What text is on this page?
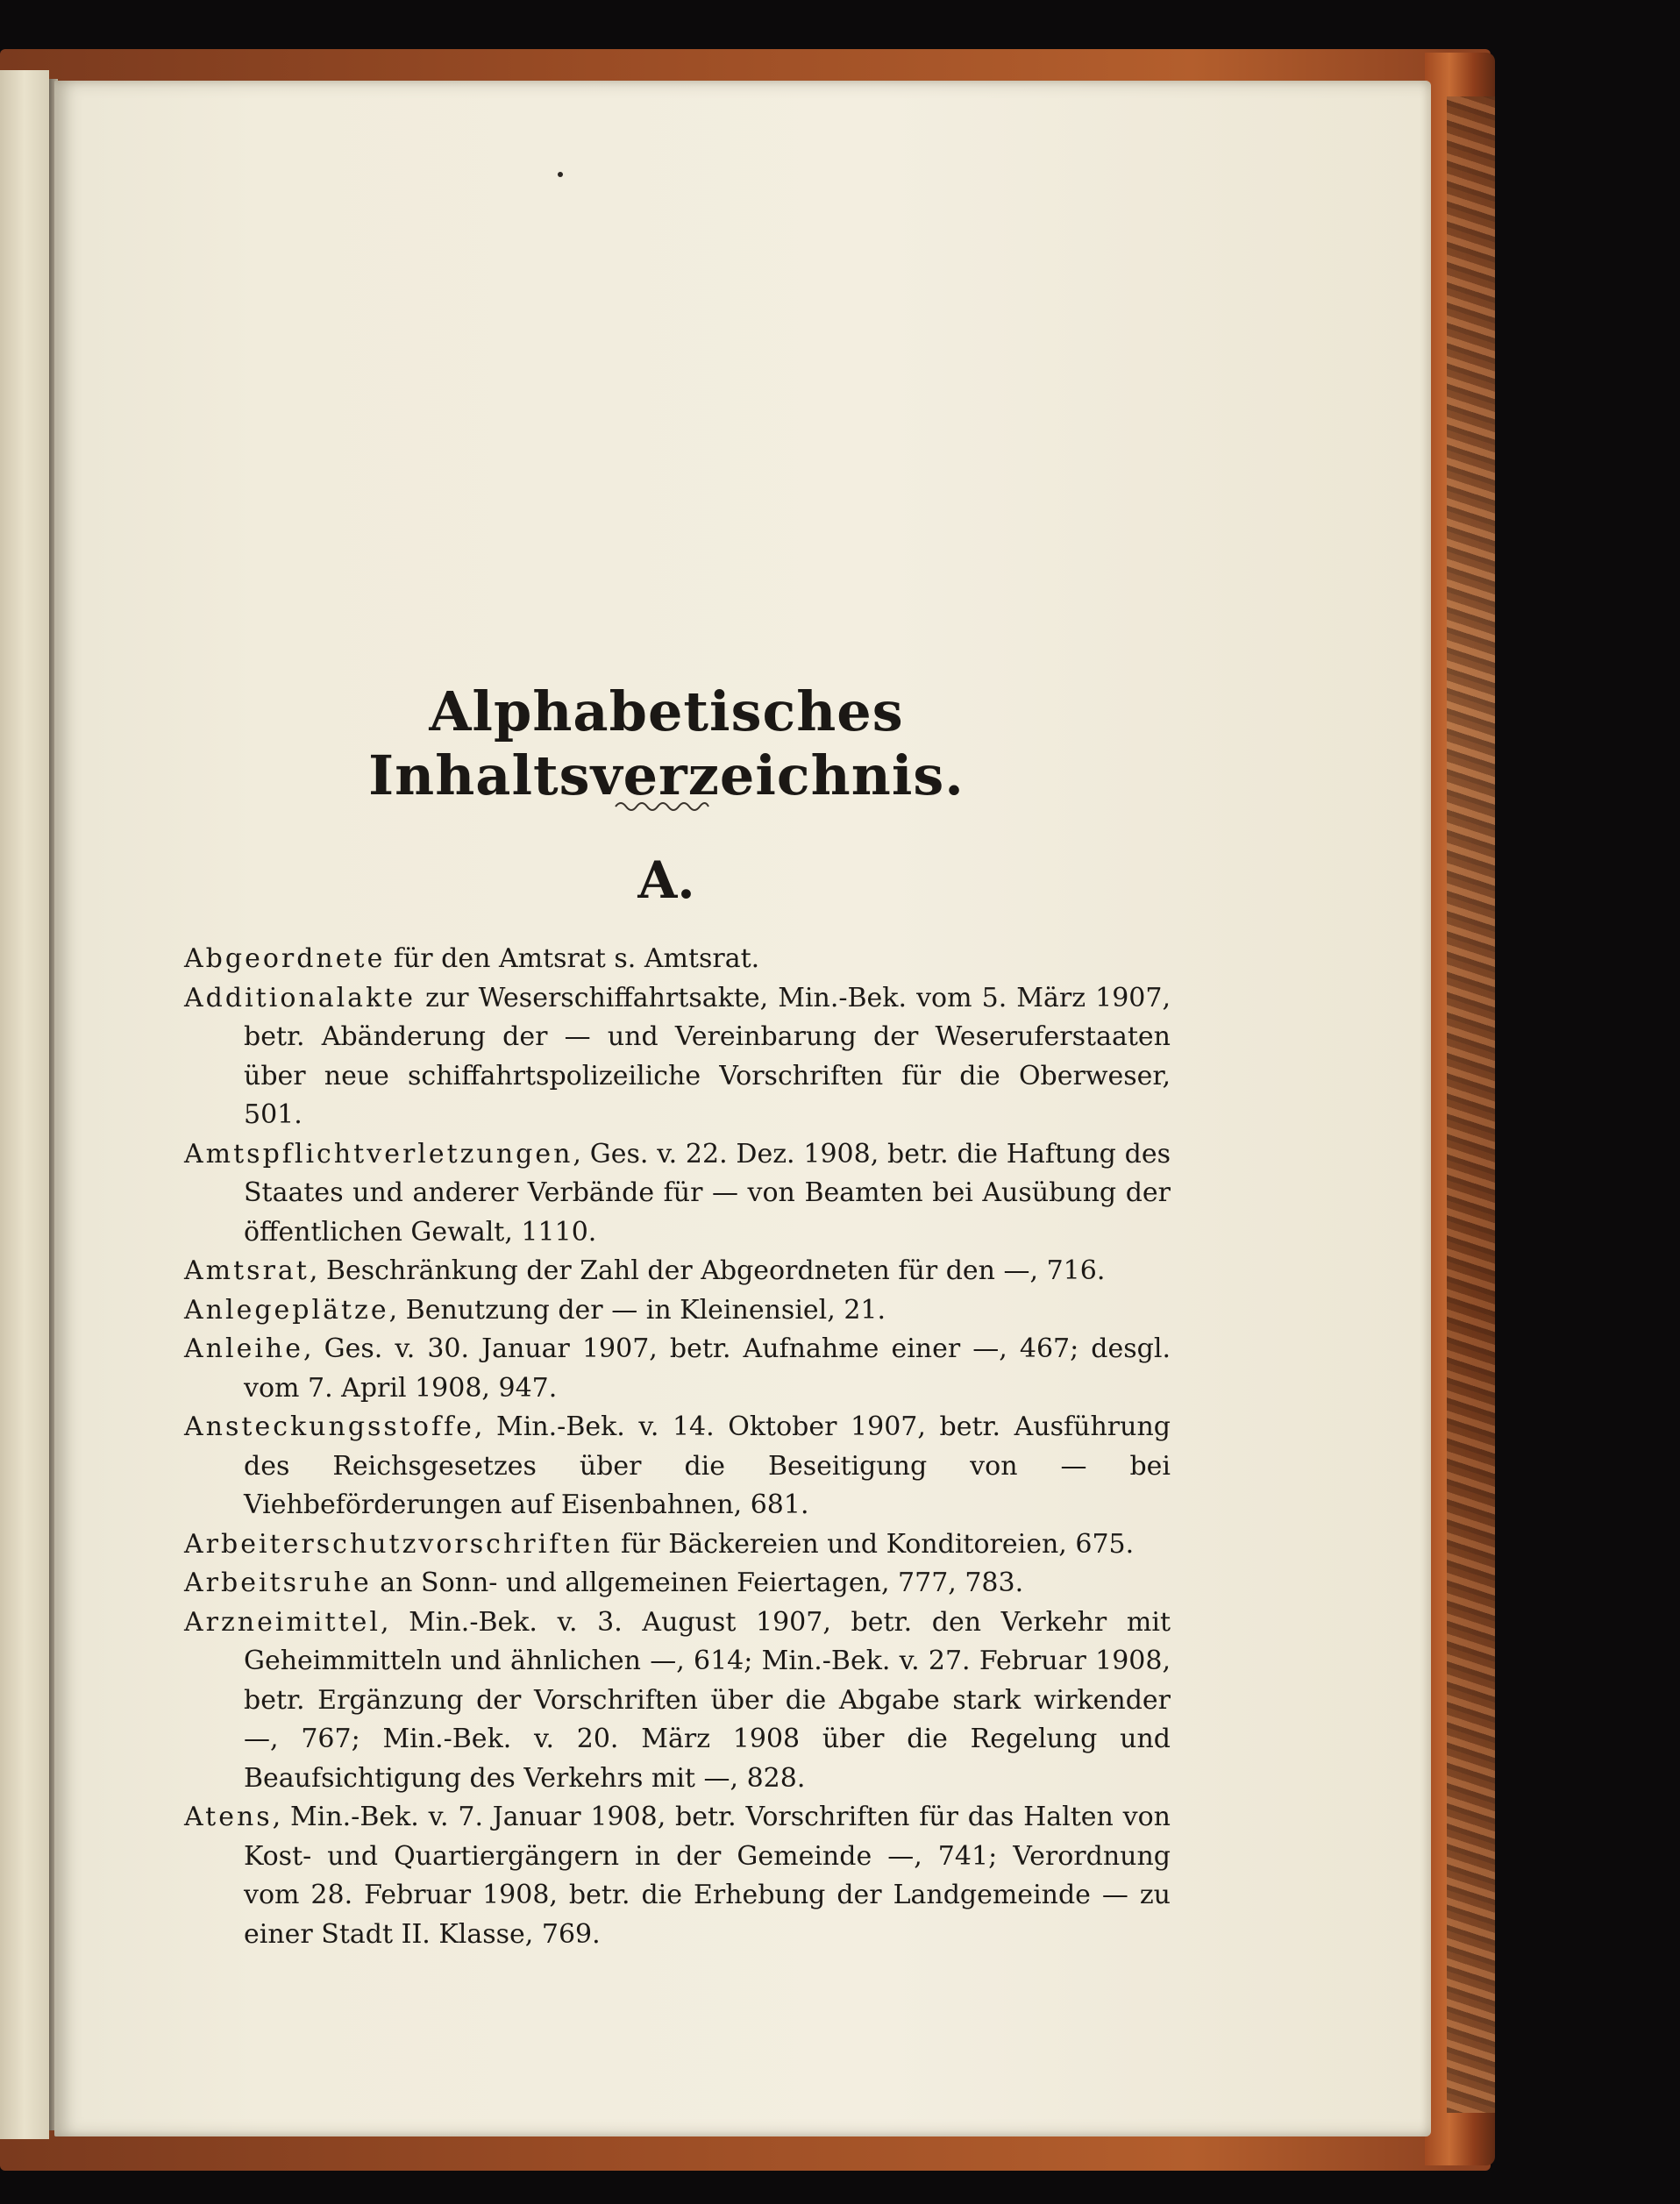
Alphabetisches Inhaltsverzeichnis.
A.
Abgeordnete für den Amtsrat s. Amtsrat.
Additionalakte zur Weserschiffahrtsakte, Min.-Bek. vom 5. März 1907, betr. Abänderung der — und Vereinbarung der Weseruferstaaten über neue schiffahrtspolizeiliche Vorschriften für die Oberweser, 501.
Amtspflichtverletzungen, Ges. v. 22. Dez. 1908, betr. die Haftung des Staates und anderer Verbände für — von Beamten bei Ausübung der öffentlichen Gewalt, 1110.
Amtsrat, Beschränkung der Zahl der Abgeordneten für den —, 716.
Anlegeplätze, Benutzung der — in Kleinensiel, 21.
Anleihe, Ges. v. 30. Januar 1907, betr. Aufnahme einer —, 467; desgl. vom 7. April 1908, 947.
Ansteckungsstoffe, Min.-Bek. v. 14. Oktober 1907, betr. Ausführung des Reichsgesetzes über die Beseitigung von — bei Viehbeförderungen auf Eisenbahnen, 681.
Arbeiterschutzvorschriften für Bäckereien und Konditoreien, 675.
Arbeitsruhe an Sonn- und allgemeinen Feiertagen, 777, 783.
Arzneimittel, Min.-Bek. v. 3. August 1907, betr. den Verkehr mit Geheimmitteln und ähnlichen —, 614; Min.-Bek. v. 27. Februar 1908, betr. Ergänzung der Vorschriften über die Abgabe stark wirkender —, 767; Min.-Bek. v. 20. März 1908 über die Regelung und Beaufsichtigung des Verkehrs mit —, 828.
Atens, Min.-Bek. v. 7. Januar 1908, betr. Vorschriften für das Halten von Kost- und Quartiergängern in der Gemeinde —, 741; Verordnung vom 28. Februar 1908, betr. die Erhebung der Landgemeinde — zu einer Stadt II. Klasse, 769.
